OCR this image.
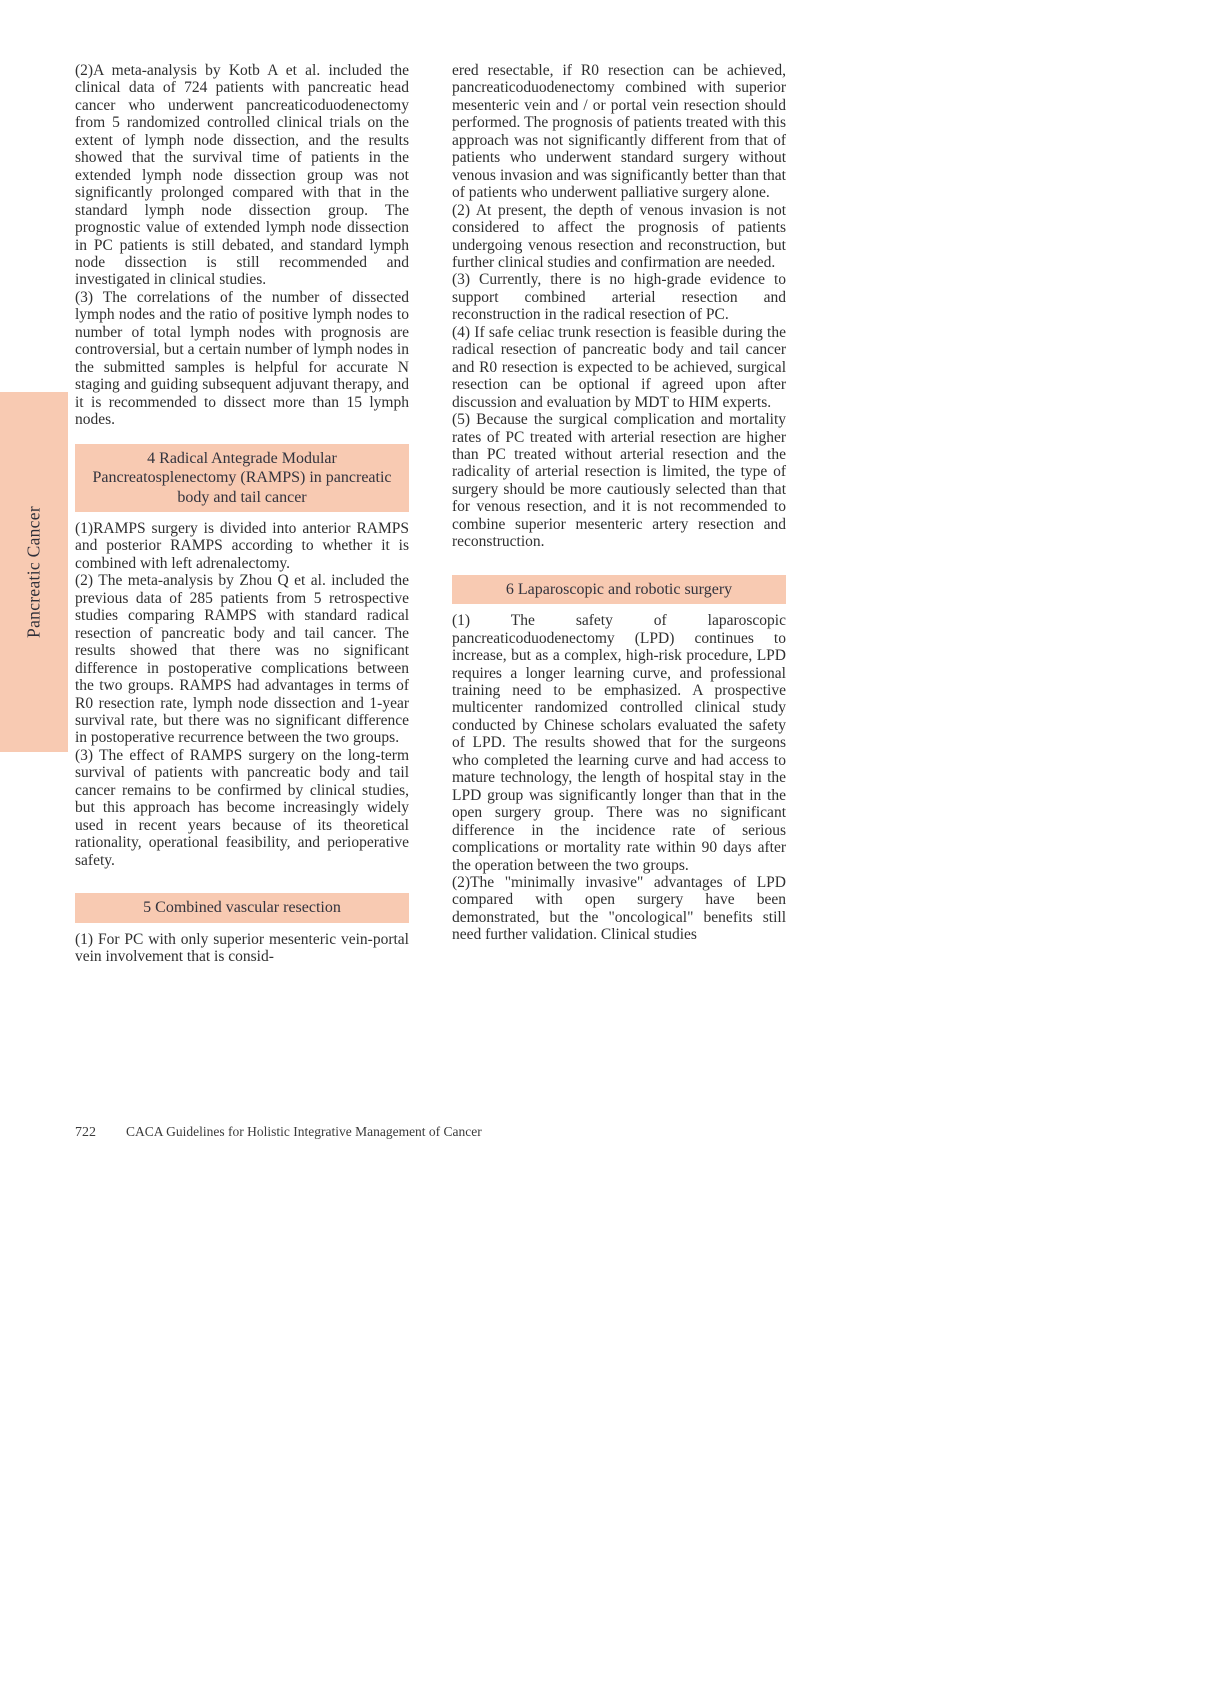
Pancreatic Cancer

(2)A meta-analysis by Kotb A et al. included the clinical data of 724 patients with pancreatic head cancer who underwent pancreaticoduodenectomy from 5 randomized controlled clinical trials on the extent of lymph node dissection, and the results showed that the survival time of patients in the extended lymph node dissection group was not significantly prolonged compared with that in the standard lymph node dissection group. The prognostic value of extended lymph node dissection in PC patients is still debated, and standard lymph node dissection is still recommended and investigated in clinical studies.

(3) The correlations of the number of dissected lymph nodes and the ratio of positive lymph nodes to number of total lymph nodes with prognosis are controversial, but a certain number of lymph nodes in the submitted samples is helpful for accurate N staging and guiding subsequent adjuvant therapy, and it is recommended to dissect more than 15 lymph nodes.

4 Radical Antegrade Modular Pancreatosplenectomy (RAMPS) in pancreatic body and tail cancer

(1)RAMPS surgery is divided into anterior RAMPS and posterior RAMPS according to whether it is combined with left adrenalectomy.

(2) The meta-analysis by Zhou Q et al. included the previous data of 285 patients from 5 retrospective studies comparing RAMPS with standard radical resection of pancreatic body and tail cancer. The results showed that there was no significant difference in postoperative complications between the two groups. RAMPS had advantages in terms of R0 resection rate, lymph node dissection and 1-year survival rate, but there was no significant difference in postoperative recurrence between the two groups.

(3) The effect of RAMPS surgery on the long-term survival of patients with pancreatic body and tail cancer remains to be confirmed by clinical studies, but this approach has become increasingly widely used in recent years because of its theoretical rationality, operational feasibility, and perioperative safety.

5 Combined vascular resection

(1) For PC with only superior mesenteric vein-portal vein involvement that is consid-

ered resectable, if R0 resection can be achieved, pancreaticoduodenectomy combined with superior mesenteric vein and / or portal vein resection should performed. The prognosis of patients treated with this approach was not significantly different from that of patients who underwent standard surgery without venous invasion and was significantly better than that of patients who underwent palliative surgery alone.

(2) At present, the depth of venous invasion is not considered to affect the prognosis of patients undergoing venous resection and reconstruction, but further clinical studies and confirmation are needed.

(3) Currently, there is no high-grade evidence to support combined arterial resection and reconstruction in the radical resection of PC.

(4) If safe celiac trunk resection is feasible during the radical resection of pancreatic body and tail cancer and R0 resection is expected to be achieved, surgical resection can be optional if agreed upon after discussion and evaluation by MDT to HIM experts.

(5) Because the surgical complication and mortality rates of PC treated with arterial resection are higher than PC treated without arterial resection and the radicality of arterial resection is limited, the type of surgery should be more cautiously selected than that for venous resection, and it is not recommended to combine superior mesenteric artery resection and reconstruction.

6 Laparoscopic and robotic surgery

(1) The safety of laparoscopic pancreaticoduodenectomy (LPD) continues to increase, but as a complex, high-risk procedure, LPD requires a longer learning curve, and professional training need to be emphasized. A prospective multicenter randomized controlled clinical study conducted by Chinese scholars evaluated the safety of LPD. The results showed that for the surgeons who completed the learning curve and had access to mature technology, the length of hospital stay in the LPD group was significantly longer than that in the open surgery group. There was no significant difference in the incidence rate of serious complications or mortality rate within 90 days after the operation between the two groups.

(2)The "minimally invasive" advantages of LPD compared with open surgery have been demonstrated, but the "oncological" benefits still need further validation. Clinical studies

722 CACA Guidelines for Holistic Integrative Management of Cancer
